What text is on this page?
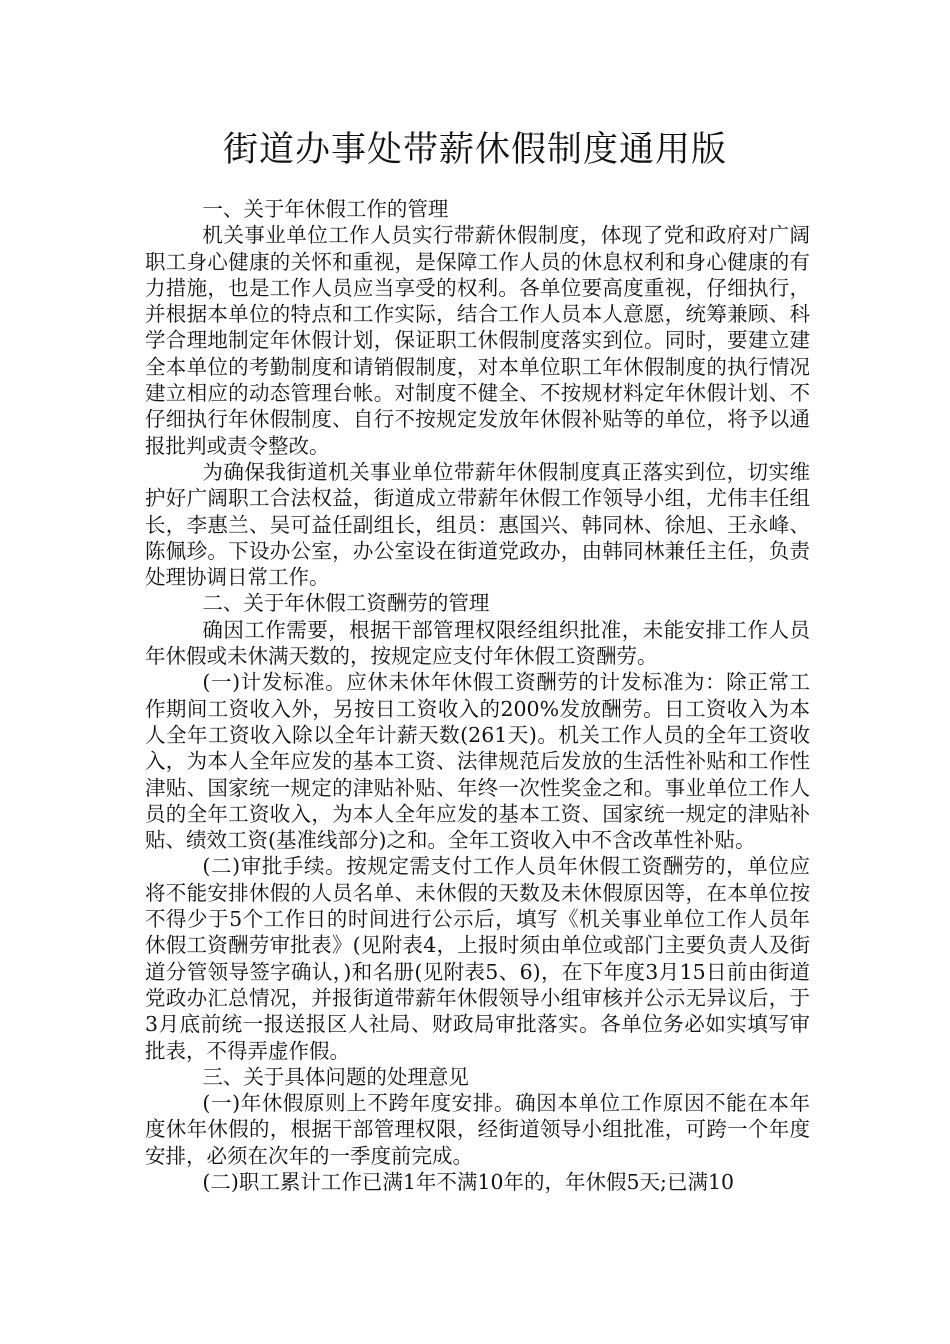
街道办事处带薪休假制度通用版

一、关于年休假工作的管理

机关事业单位工作人员实行带薪休假制度，体现了党和政府对广阔职工身心健康的关怀和重视，是保障工作人员的休息权利和身心健康的有力措施，也是工作人员应当享受的权利。各单位要高度重视，仔细执行，并根据本单位的特点和工作实际，结合工作人员本人意愿，统筹兼顾、科学合理地制定年休假计划，保证职工休假制度落实到位。同时，要建立建全本单位的考勤制度和请销假制度，对本单位职工年休假制度的执行情况建立相应的动态管理台帐。对制度不健全、不按规材料定年休假计划、不仔细执行年休假制度、自行不按规定发放年休假补贴等的单位，将予以通报批判或责令整改。

为确保我街道机关事业单位带薪年休假制度真正落实到位，切实维护好广阔职工合法权益，街道成立带薪年休假工作领导小组，尤伟丰任组长，李惠兰、吴可益任副组长，组员：惠国兴、韩同林、徐旭、王永峰、陈佩珍。下设办公室，办公室设在街道党政办，由韩同林兼任主任，负责处理协调日常工作。

二、关于年休假工资酬劳的管理

确因工作需要，根据干部管理权限经组织批准，未能安排工作人员年休假或未休满天数的，按规定应支付年休假工资酬劳。

(一)计发标准。应休未休年休假工资酬劳的计发标准为：除正常工作期间工资收入外，另按日工资收入的200%发放酬劳。日工资收入为本人全年工资收入除以全年计薪天数(261天)。机关工作人员的全年工资收入，为本人全年应发的基本工资、法律规范后发放的生活性补贴和工作性津贴、国家统一规定的津贴补贴、年终一次性奖金之和。事业单位工作人员的全年工资收入，为本人全年应发的基本工资、国家统一规定的津贴补贴、绩效工资(基准线部分)之和。全年工资收入中不含改革性补贴。

(二)审批手续。按规定需支付工作人员年休假工资酬劳的，单位应将不能安排休假的人员名单、未休假的天数及未休假原因等，在本单位按不得少于5个工作日的时间进行公示后，填写《机关事业单位工作人员年休假工资酬劳审批表》(见附表4，上报时须由单位或部门主要负责人及街道分管领导签字确认，)和名册(见附表5、6)，在下年度3月15日前由街道党政办汇总情况，并报街道带薪年休假领导小组审核并公示无异议后，于3月底前统一报送报区人社局、财政局审批落实。各单位务必如实填写审批表，不得弄虚作假。

三、关于具体问题的处理意见

(一)年休假原则上不跨年度安排。确因本单位工作原因不能在本年度休年休假的，根据干部管理权限，经街道领导小组批准，可跨一个年度安排，必须在次年的一季度前完成。

(二)职工累计工作已满1年不满10年的，年休假5天;已满10
